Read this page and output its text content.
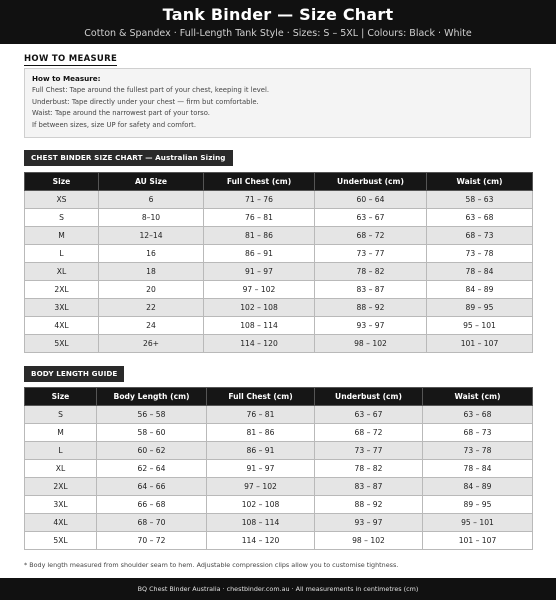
Tank Binder — Size Chart
Cotton & Spandex · Full-Length Tank Style · Sizes: S – 5XL | Colours: Black · White
HOW TO MEASURE
How to Measure:
Full Chest: Tape around the fullest part of your chest, keeping it level.
Underbust: Tape directly under your chest — firm but comfortable.
Waist: Tape around the narrowest part of your torso.
If between sizes, size UP for safety and comfort.
CHEST BINDER SIZE CHART — Australian Sizing
Size	AU Size	Full Chest (cm)	Underbust (cm)	Waist (cm)
XS	6	71 – 76	60 – 64	58 – 63
S	8–10	76 – 81	63 – 67	63 – 68
M	12–14	81 – 86	68 – 72	68 – 73
L	16	86 – 91	73 – 77	73 – 78
XL	18	91 – 97	78 – 82	78 – 84
2XL	20	97 – 102	83 – 87	84 – 89
3XL	22	102 – 108	88 – 92	89 – 95
4XL	24	108 – 114	93 – 97	95 – 101
5XL	26+	114 – 120	98 – 102	101 – 107
BODY LENGTH GUIDE
Size	Body Length (cm)	Full Chest (cm)	Underbust (cm)	Waist (cm)
S	56 – 58	76 – 81	63 – 67	63 – 68
M	58 – 60	81 – 86	68 – 72	68 – 73
L	60 – 62	86 – 91	73 – 77	73 – 78
XL	62 – 64	91 – 97	78 – 82	78 – 84
2XL	64 – 66	97 – 102	83 – 87	84 – 89
3XL	66 – 68	102 – 108	88 – 92	89 – 95
4XL	68 – 70	108 – 114	93 – 97	95 – 101
5XL	70 – 72	114 – 120	98 – 102	101 – 107
* Body length measured from shoulder seam to hem. Adjustable compression clips allow you to customise tightness.
BQ Chest Binder Australia · chestbinder.com.au · All measurements in centimetres (cm)
